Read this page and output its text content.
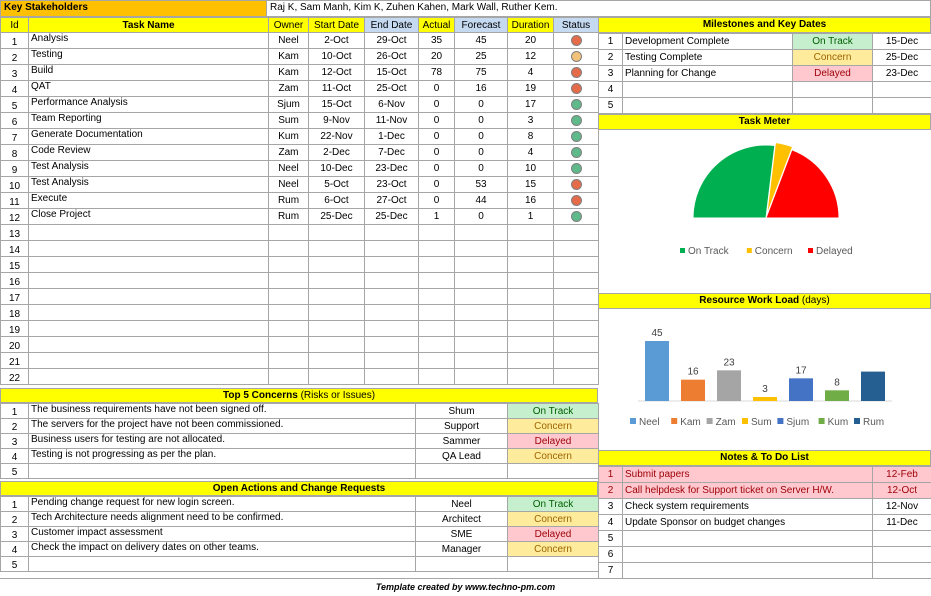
Key Stakeholders	Raj K, Sam Manh, Kim K, Zuhen Kahen, Mark Wall, Ruther Kem.
Id	Task Name	Owner	Start Date	End Date	Actual	Forecast	Duration	Status
1	Analysis	Neel	2-Oct	29-Oct	35	45	20	
2	Testing	Kam	10-Oct	26-Oct	20	25	12	
3	Build	Kam	12-Oct	15-Oct	78	75	4	
4	QAT	Zam	11-Oct	25-Oct	0	16	19	
5	Performance Analysis	Sjum	15-Oct	6-Nov	0	0	17	
6	Team Reporting	Sum	9-Nov	11-Nov	0	0	3	
7	Generate Documentation	Kum	22-Nov	1-Dec	0	0	8	
8	Code Review	Zam	2-Dec	7-Dec	0	0	4	
9	Test Analysis	Neel	10-Dec	23-Dec	0	0	10	
10	Test Analysis	Neel	5-Oct	23-Oct	0	53	15	
11	Execute	Rum	6-Oct	27-Oct	0	44	16	
12	Close Project	Rum	25-Dec	25-Dec	1	0	1	
13								
14								
15								
16								
17								
18								
19								
20								
21								
22								
Top 5 Concerns (Risks or Issues)
1	The business requirements have not been signed off.	Shum	On Track
2	The servers for the project have not been commissioned.	Support	Concern
3	Business users for testing are not allocated.	Sammer	Delayed
4	Testing is not progressing as per the plan.	QA Lead	Concern
5			
Open Actions and Change Requests
1	Pending change request for new login screen.	Neel	On Track
2	Tech Architecture needs alignment need to be confirmed.	Architect	Concern
3	Customer impact assessment	SME	Delayed
4	Check the impact on delivery dates on other teams.	Manager	Concern
5			
Milestones and Key Dates
1	Development Complete	On Track	15-Dec
2	Testing Complete	Concern	25-Dec
3	Planning for Change	Delayed	23-Dec
4			
5			
Task Meter
On Track	Concern Delayed
Resource Work Load (days)
45
16
23
3
17
8
Neel Kam Zam Sum Sjum Kum Rum
Notes & To Do List
1	Submit papers	12-Feb
2	Call helpdesk for Support ticket on Server H/W.	12-Oct
3	Check system requirements	12-Nov
4	Update Sponsor on budget changes	11-Dec
5		
6		
7		
Template created by www.techno-pm.com
